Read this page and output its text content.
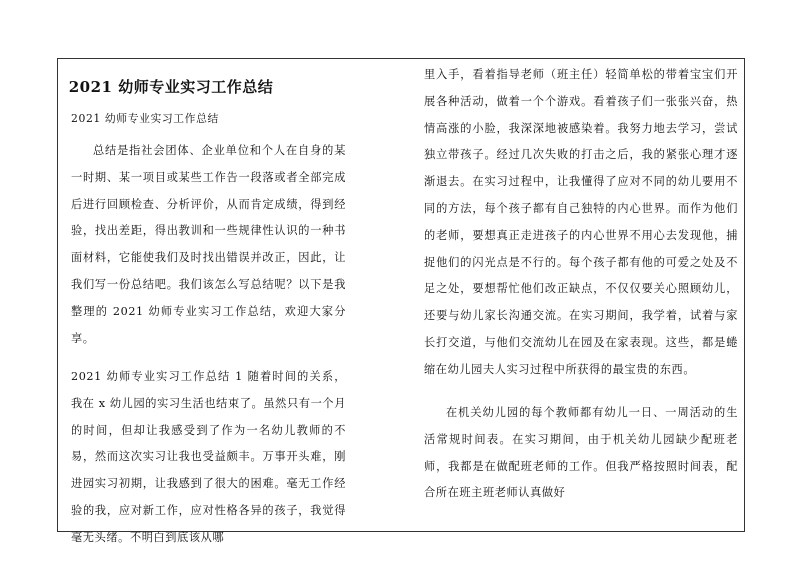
2021 幼师专业实习工作总结

2021 幼师专业实习工作总结

总结是指社会团体、企业单位和个人在自身的某一时期、某一项目或某些工作告一段落或者全部完成后进行回顾检查、分析评价，从而肯定成绩，得到经验，找出差距，得出教训和一些规律性认识的一种书面材料，它能使我们及时找出错误并改正，因此，让我们写一份总结吧。我们该怎么写总结呢？以下是我整理的 2021 幼师专业实习工作总结，欢迎大家分享。

2021 幼师专业实习工作总结 1 随着时间的关系，我在 x 幼儿园的实习生活也结束了。虽然只有一个月的时间，但却让我感受到了作为一名幼儿教师的不易，然而这次实习让我也受益颇丰。万事开头难，刚进园实习初期，让我感到了很大的困难。毫无工作经验的我，应对新工作，应对性格各异的孩子，我觉得毫无头绪。不明白到底该从哪

里入手，看着指导老师（班主任）轻简单松的带着宝宝们开展各种活动，做着一个个游戏。看着孩子们一张张兴奋，热情高涨的小脸，我深深地被感染着。我努力地去学习，尝试独立带孩子。经过几次失败的打击之后，我的紧张心理才逐渐退去。在实习过程中，让我懂得了应对不同的幼儿要用不同的方法，每个孩子都有自己独特的内心世界。而作为他们的老师，要想真正走进孩子的内心世界不用心去发现他，捕捉他们的闪光点是不行的。每个孩子都有他的可爱之处及不足之处，要想帮忙他们改正缺点，不仅仅要关心照顾幼儿，还要与幼儿家长沟通交流。在实习期间，我学着，试着与家长打交道，与他们交流幼儿在园及在家表现。这些，都是蜷缩在幼儿园夫人实习过程中所获得的最宝贵的东西。

在机关幼儿园的每个教师都有幼儿一日、一周活动的生活常规时间表。在实习期间，由于机关幼儿园缺少配班老师，我都是在做配班老师的工作。但我严格按照时间表，配合所在班主班老师认真做好
